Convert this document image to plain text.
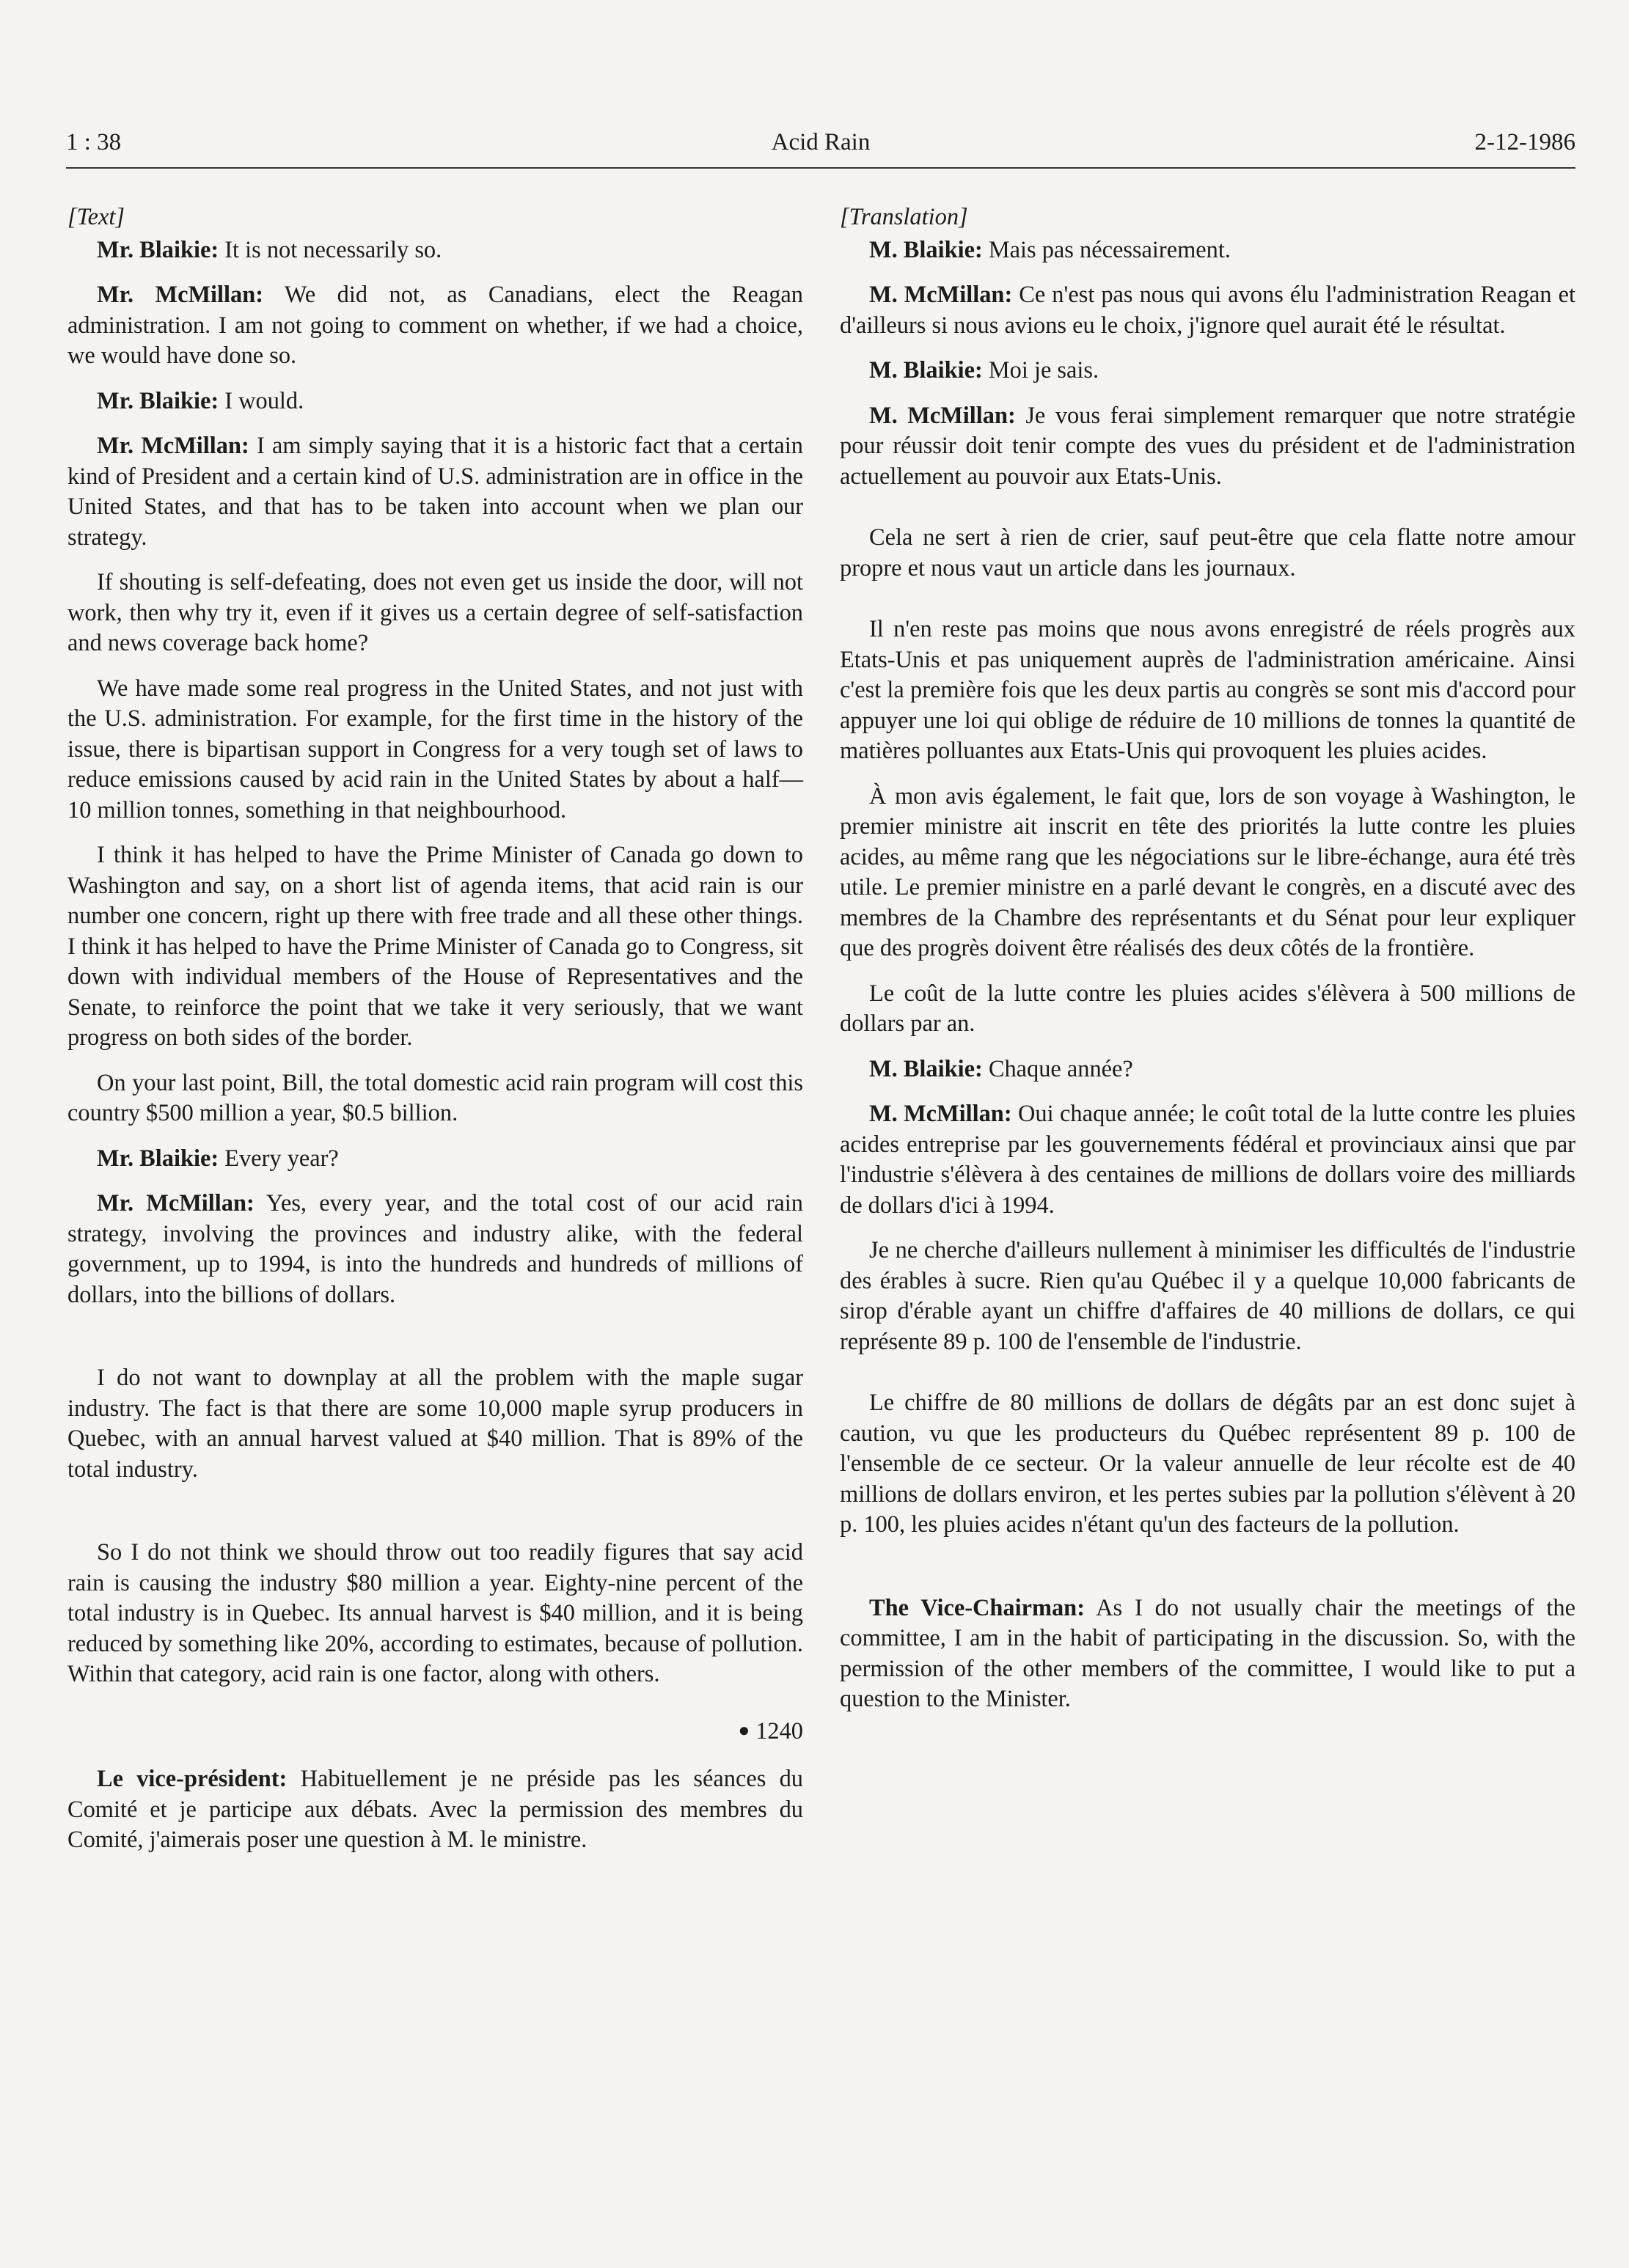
Acid Rain
1 : 38	2-12-1986
[Text]

Mr. Blaikie: It is not necessarily so.

Mr. McMillan: We did not, as Canadians, elect the Reagan administration. I am not going to comment on whether, if we had a choice, we would have done so.

Mr. Blaikie: I would.

Mr. McMillan: I am simply saying that it is a historic fact that a certain kind of President and a certain kind of U.S. administration are in office in the United States, and that has to be taken into account when we plan our strategy.

If shouting is self-defeating, does not even get us inside the door, will not work, then why try it, even if it gives us a certain degree of self-satisfaction and news coverage back home?

We have made some real progress in the United States, and not just with the U.S. administration. For example, for the first time in the history of the issue, there is bipartisan support in Congress for a very tough set of laws to reduce emissions caused by acid rain in the United States by about a half—10 million tonnes, something in that neighbourhood.

I think it has helped to have the Prime Minister of Canada go down to Washington and say, on a short list of agenda items, that acid rain is our number one concern, right up there with free trade and all these other things. I think it has helped to have the Prime Minister of Canada go to Congress, sit down with individual members of the House of Representatives and the Senate, to reinforce the point that we take it very seriously, that we want progress on both sides of the border.

On your last point, Bill, the total domestic acid rain program will cost this country $500 million a year, $0.5 billion.

Mr. Blaikie: Every year?

Mr. McMillan: Yes, every year, and the total cost of our acid rain strategy, involving the provinces and industry alike, with the federal government, up to 1994, is into the hundreds and hundreds of millions of dollars, into the billions of dollars.

I do not want to downplay at all the problem with the maple sugar industry. The fact is that there are some 10,000 maple syrup producers in Quebec, with an annual harvest valued at $40 million. That is 89% of the total industry.

So I do not think we should throw out too readily figures that say acid rain is causing the industry $80 million a year. Eighty-nine percent of the total industry is in Quebec. Its annual harvest is $40 million, and it is being reduced by something like 20%, according to estimates, because of pollution. Within that category, acid rain is one factor, along with others.

● 1240

Le vice-président: Habituellement je ne préside pas les séances du Comité et je participe aux débats. Avec la permission des membres du Comité, j'aimerais poser une question à M. le ministre.

[Translation]

M. Blaikie: Mais pas nécessairement.

M. McMillan: Ce n'est pas nous qui avons élu l'administration Reagan et d'ailleurs si nous avions eu le choix, j'ignore quel aurait été le résultat.

M. Blaikie: Moi je sais.

M. McMillan: Je vous ferai simplement remarquer que notre stratégie pour réussir doit tenir compte des vues du président et de l'administration actuellement au pouvoir aux Etats-Unis.

Cela ne sert à rien de crier, sauf peut-être que cela flatte notre amour propre et nous vaut un article dans les journaux.

Il n'en reste pas moins que nous avons enregistré de réels progrès aux Etats-Unis et pas uniquement auprès de l'administration américaine. Ainsi c'est la première fois que les deux partis au congrès se sont mis d'accord pour appuyer une loi qui oblige de réduire de 10 millions de tonnes la quantité de matières polluantes aux Etats-Unis qui provoquent les pluies acides.

À mon avis également, le fait que, lors de son voyage à Washington, le premier ministre ait inscrit en tête des priorités la lutte contre les pluies acides, au même rang que les négociations sur le libre-échange, aura été très utile. Le premier ministre en a parlé devant le congrès, en a discuté avec des membres de la Chambre des représentants et du Sénat pour leur expliquer que des progrès doivent être réalisés des deux côtés de la frontière.

Le coût de la lutte contre les pluies acides s'élèvera à 500 millions de dollars par an.

M. Blaikie: Chaque année?

M. McMillan: Oui chaque année; le coût total de la lutte contre les pluies acides entreprise par les gouvernements fédéral et provinciaux ainsi que par l'industrie s'élèvera à des centaines de millions de dollars voire des milliards de dollars d'ici à 1994.

Je ne cherche d'ailleurs nullement à minimiser les difficultés de l'industrie des érables à sucre. Rien qu'au Québec il y a quelque 10,000 fabricants de sirop d'érable ayant un chiffre d'affaires de 40 millions de dollars, ce qui représente 89 p. 100 de l'ensemble de l'industrie.

Le chiffre de 80 millions de dollars de dégâts par an est donc sujet à caution, vu que les producteurs du Québec représentent 89 p. 100 de l'ensemble de ce secteur. Or la valeur annuelle de leur récolte est de 40 millions de dollars environ, et les pertes subies par la pollution s'élèvent à 20 p. 100, les pluies acides n'étant qu'un des facteurs de la pollution.

The Vice-Chairman: As I do not usually chair the meetings of the committee, I am in the habit of participating in the discussion. So, with the permission of the other members of the committee, I would like to put a question to the Minister.
